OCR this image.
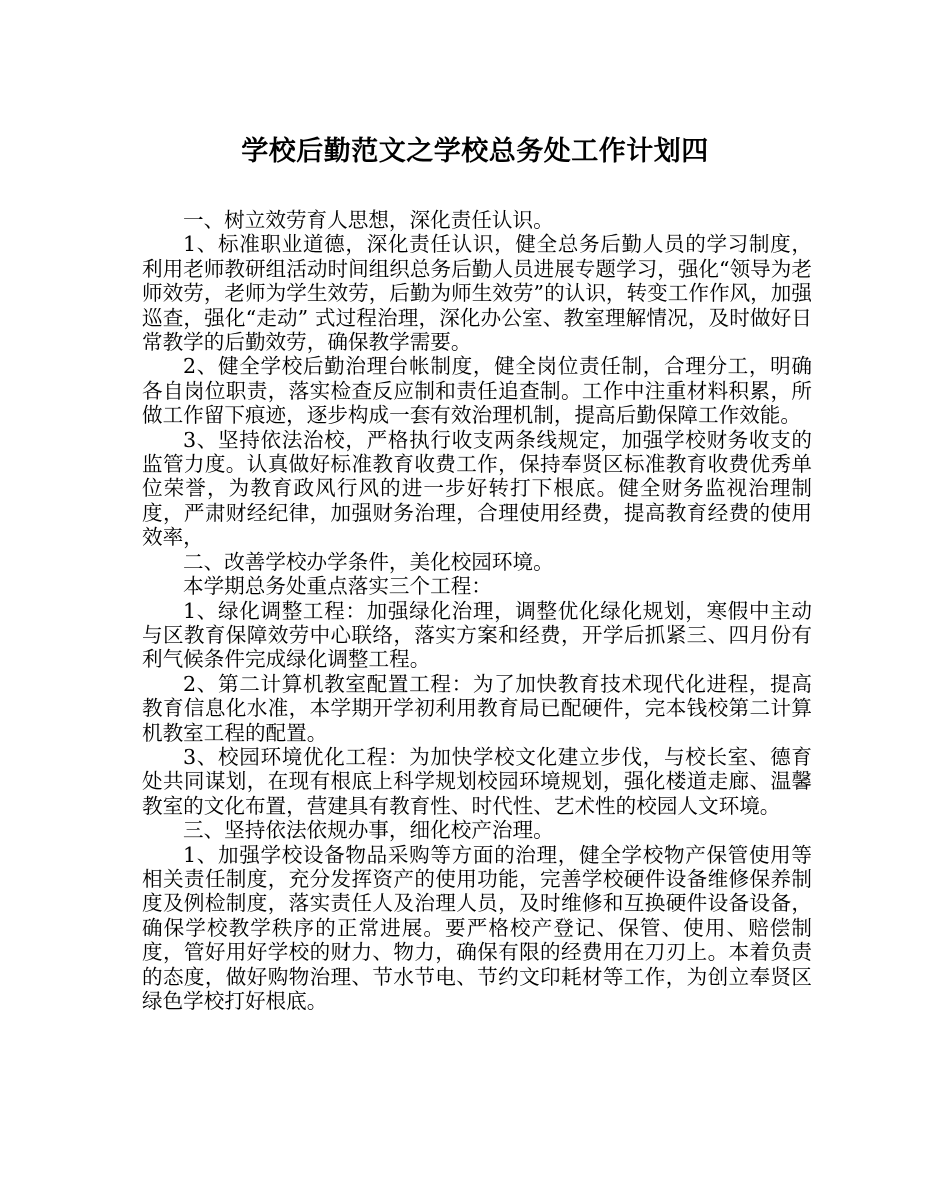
学校后勤范文之学校总务处工作计划四

一、树立效劳育人思想，深化责任认识。

1、标准职业道德，深化责任认识，健全总务后勤人员的学习制度，利用老师教研组活动时间组织总务后勤人员进展专题学习，强化“领导为老师效劳，老师为学生效劳，后勤为师生效劳”的认识，转变工作作风，加强巡查，强化“走动” 式过程治理，深化办公室、教室理解情况，及时做好日常教学的后勤效劳，确保教学需要。

2、健全学校后勤治理台帐制度，健全岗位责任制，合理分工，明确各自岗位职责，落实检查反应制和责任追查制。工作中注重材料积累，所做工作留下痕迹，逐步构成一套有效治理机制，提高后勤保障工作效能。

3、坚持依法治校，严格执行收支两条线规定，加强学校财务收支的监管力度。认真做好标准教育收费工作，保持奉贤区标准教育收费优秀单位荣誉，为教育政风行风的进一步好转打下根底。健全财务监视治理制度，严肃财经纪律，加强财务治理，合理使用经费，提高教育经费的使用效率，

二、改善学校办学条件，美化校园环境。

本学期总务处重点落实三个工程：

1、绿化调整工程：加强绿化治理，调整优化绿化规划，寒假中主动与区教育保障效劳中心联络，落实方案和经费，开学后抓紧三、四月份有利气候条件完成绿化调整工程。

2、第二计算机教室配置工程：为了加快教育技术现代化进程，提高教育信息化水准，本学期开学初利用教育局已配硬件，完本钱校第二计算机教室工程的配置。

3、校园环境优化工程：为加快学校文化建立步伐，与校长室、德育处共同谋划，在现有根底上科学规划校园环境规划，强化楼道走廊、温馨教室的文化布置，营建具有教育性、时代性、艺术性的校园人文环境。

三、坚持依法依规办事，细化校产治理。

1、加强学校设备物品采购等方面的治理，健全学校物产保管使用等相关责任制度，充分发挥资产的使用功能，完善学校硬件设备维修保养制度及例检制度，落实责任人及治理人员，及时维修和互换硬件设备设备，确保学校教学秩序的正常进展。要严格校产登记、保管、使用、赔偿制度，管好用好学校的财力、物力，确保有限的经费用在刀刃上。本着负责的态度，做好购物治理、节水节电、节约文印耗材等工作，为创立奉贤区绿色学校打好根底。
